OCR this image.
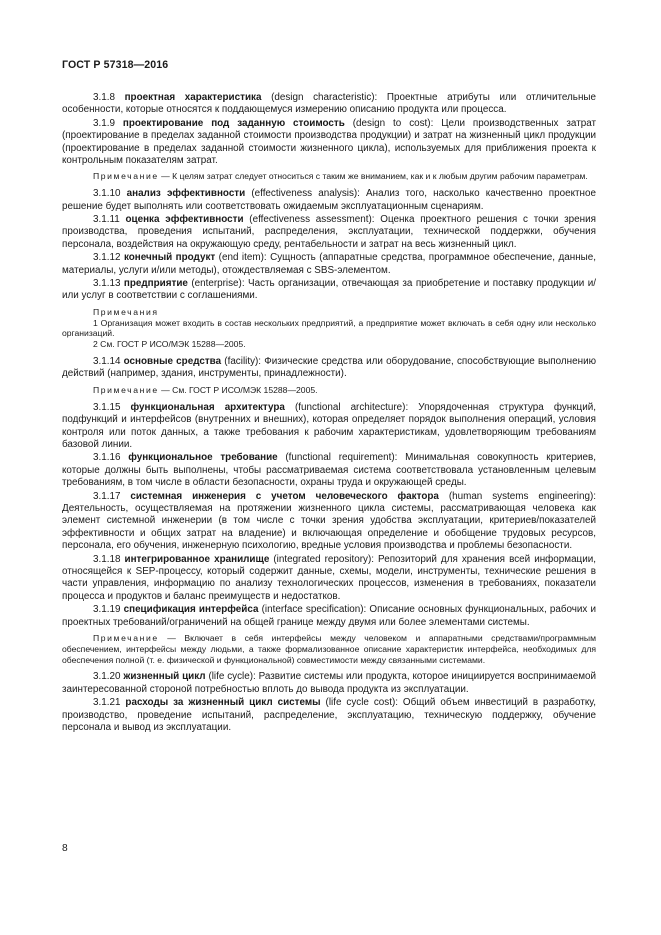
ГОСТ Р 57318—2016

3.1.8 проектная характеристика (design characteristic): Проектные атрибуты или отличительные особенности, которые относятся к поддающемуся измерению описанию продукта или процесса.

3.1.9 проектирование под заданную стоимость (design to cost): Цели производственных затрат (проектирование в пределах заданной стоимости производства продукции) и затрат на жизненный цикл продукции (проектирование в пределах заданной стоимости жизненного цикла), используемых для приближения проекта к контрольным показателям затрат.

Примечание — К целям затрат следует относиться с таким же вниманием, как и к любым другим рабочим параметрам.

3.1.10 анализ эффективности (effectiveness analysis): Анализ того, насколько качественно проектное решение будет выполнять или соответствовать ожидаемым эксплуатационным сценариям.

3.1.11 оценка эффективности (effectiveness assessment): Оценка проектного решения с точки зрения производства, проведения испытаний, распределения, эксплуатации, технической поддержки, обучения персонала, воздействия на окружающую среду, рентабельности и затрат на весь жизненный цикл.

3.1.12 конечный продукт (end item): Сущность (аппаратные средства, программное обеспечение, данные, материалы, услуги и/или методы), отождествляемая с SBS-элементом.

3.1.13 предприятие (enterprise): Часть организации, отвечающая за приобретение и поставку продукции и/или услуг в соответствии с соглашениями.

Примечания

1 Организация может входить в состав нескольких предприятий, а предприятие может включать в себя одну или несколько организаций.

2 См. ГОСТ Р ИСО/МЭК 15288—2005.

3.1.14 основные средства (facility): Физические средства или оборудование, способствующие выполнению действий (например, здания, инструменты, принадлежности).

Примечание — См. ГОСТ Р ИСО/МЭК 15288—2005.

3.1.15 функциональная архитектура (functional architecture): Упорядоченная структура функций, подфункций и интерфейсов (внутренних и внешних), которая определяет порядок выполнения операций, условия контроля или поток данных, а также требования к рабочим характеристикам, удовлетворяющим требованиям базовой линии.

3.1.16 функциональное требование (functional requirement): Минимальная совокупность критериев, которые должны быть выполнены, чтобы рассматриваемая система соответствовала установленным целевым требованиям, в том числе в области безопасности, охраны труда и окружающей среды.

3.1.17 системная инженерия с учетом человеческого фактора (human systems engineering): Деятельность, осуществляемая на протяжении жизненного цикла системы, рассматривающая человека как элемент системной инженерии (в том числе с точки зрения удобства эксплуатации, критериев/показателей эффективности и общих затрат на владение) и включающая определение и обобщение трудовых ресурсов, персонала, его обучения, инженерную психологию, вредные условия производства и проблемы безопасности.

3.1.18 интегрированное хранилище (integrated repository): Репозиторий для хранения всей информации, относящейся к SEP-процессу, который содержит данные, схемы, модели, инструменты, технические решения в части управления, информацию по анализу технологических процессов, изменения в требованиях, показатели процесса и продуктов и баланс преимуществ и недостатков.

3.1.19 спецификация интерфейса (interface specification): Описание основных функциональных, рабочих и проектных требований/ограничений на общей границе между двумя или более элементами системы.

Примечание — Включает в себя интерфейсы между человеком и аппаратными средствами/программным обеспечением, интерфейсы между людьми, а также формализованное описание характеристик интерфейса, необходимых для обеспечения полной (т. е. физической и функциональной) совместимости между связанными системами.

3.1.20 жизненный цикл (life cycle): Развитие системы или продукта, которое инициируется воспринимаемой заинтересованной стороной потребностью вплоть до вывода продукта из эксплуатации.

3.1.21 расходы за жизненный цикл системы (life cycle cost): Общий объем инвестиций в разработку, производство, проведение испытаний, распределение, эксплуатацию, техническую поддержку, обучение персонала и вывод из эксплуатации.

8
